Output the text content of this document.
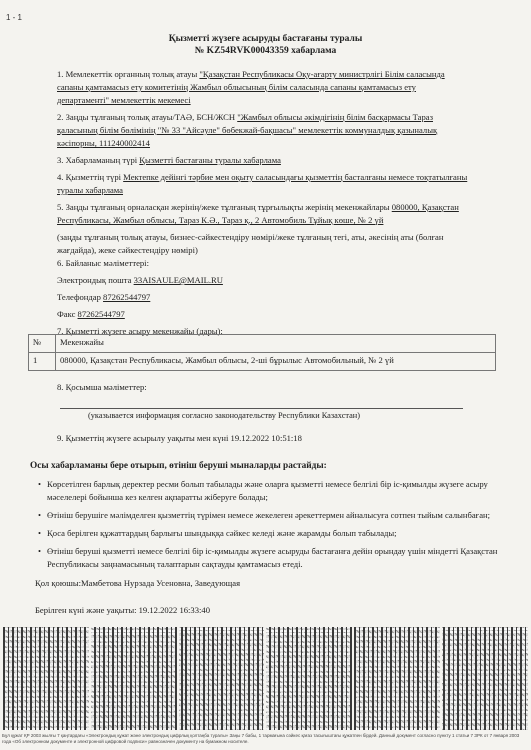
1 - 1
Қызметті жүзеге асыруды бастағаны туралы
№ KZ54RVK00043359 хабарлама

1. Мемлекеттік органның толық атауы "Қазақстан Республикасы Оқу-ағарту министрлігі Білім саласында сапаны қамтамасыз ету комитетінің Жамбыл облысының білім саласында сапаны қамтамасыз ету департаменті" мемлекеттік мекемесі

2. Заңды тұлғаның толық атауы/ТАӘ, БСН/ЖСН "Жамбыл облысы әкімдігінің білім басқармасы Тараз қаласының білім бөлімінің "№ 33 "Айсәуле" бөбекжай-бақшасы" мемлекеттік коммуналдық қазыналық кәсіпорны, 111240002414

3. Хабарламаның түрі Қызметті бастағаны туралы хабарлама

4. Қызметтің түрі Мектепке дейінгі тәрбие мен оқыту саласындағы қызметтің басталғаны немесе тоқтатылғаны туралы хабарлама

5. Заңды тұлғаның орналасқан жерінің/жеке тұлғаның тұрғылықты жерінің мекенжайлары 080000, Қазақстан Республикасы, Жамбыл облысы, Тараз К.Ә., Тараз қ., 2 Автомобиль Тұйық көше, № 2 үй

(заңды тұлғаның толық атауы, бизнес-сәйкестендіру нөмірі/жеке тұлғаның тегі, аты, әкесінің аты (болған жағдайда), жеке сәйкестендіру нөмірі)

6. Байланыс мәліметтері:

Электрондық пошта 33AISAULE@MAIL.RU

Телефондар 87262544797

Факс 87262544797

7. Қызметті жүзеге асыру мекенжайы (дары):

№	Мекенжайы
1	080000, Қазақстан Республикасы, Жамбыл облысы, 2-ші бұрылыс Автомобильный, № 2 үй
8. Қосымша мәліметтер:
(указывается информация согласно законодательству Республики Казахстан)
9. Қызметтің жүзеге асырылу уақыты мен күні 19.12.2022 10:51:18
Осы хабарламаны бере отырып, өтініш беруші мыналарды растайды:
• Көрсетілген барлық деректер ресми болып табылады және оларға қызметті немесе белгілі бір іс-қимылды жүзеге асыру мәселелері бойынша кез келген ақпаратты жіберуге болады;
• Өтініш берушіге мәлімделген қызметтің түрімен немесе жекелеген әрекеттермен айналысуға сотпен тыйым салынбаған;
• Қоса берілген құжаттардың барлығы шындыққа сәйкес келеді және жарамды болып табылады;
• Өтініш беруші қызметті немесе белгілі бір іс-қимылды жүзеге асыруды бастағанға дейін орындау үшін міндетті Қазақстан Республикасы заңнамасының талаптарын сақтауды қамтамасыз етеді.
Қол қоюшы:Мамбетова Нурзада Усеновна, Заведующая
Берілген күні және уақыты: 19.12.2022 16:33:40
Бұл құжат ҚР 2003 жылғы 7 қаңтардағы «Электрондық құжат және электрондық цифрлық қолтаңба туралы» Заңы 7 бабы, 1 тармағына сәйкес қағаз тасығыштағы құжатпен бірдей. Данный документ согласно пункту 1 статьи 7 ЗРК от 7 января 2003 года «Об электронном документе и электронной цифровой подписи» равнозначен документу на бумажном носителе.
